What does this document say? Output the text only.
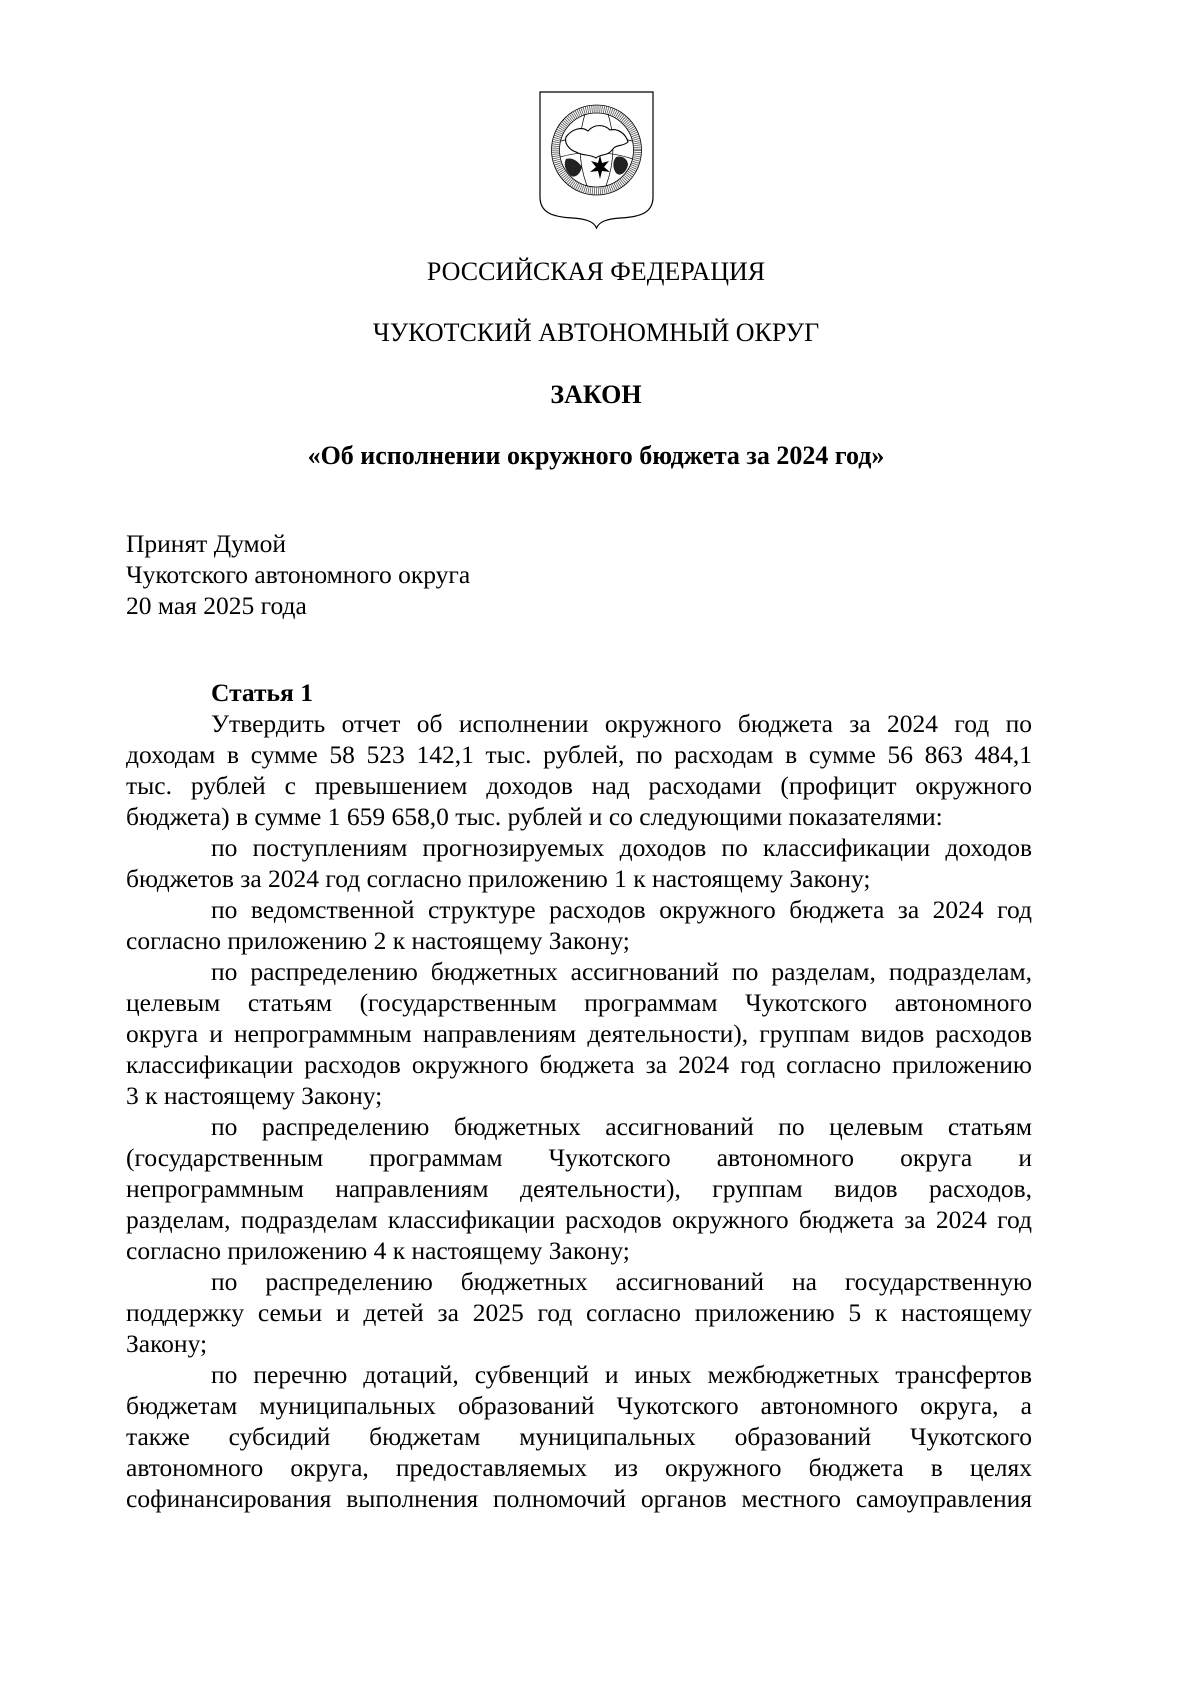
РОССИЙСКАЯ ФЕДЕРАЦИЯ
ЧУКОТСКИЙ АВТОНОМНЫЙ ОКРУГ
ЗАКОН
«Об исполнении окружного бюджета за 2024 год»
Принят Думой
Чукотского автономного округа
20 мая 2025 года
Статья 1
Утвердить отчет об исполнении окружного бюджета за 2024 год по
доходам в сумме 58 523 142,1 тыс. рублей, по расходам в сумме 56 863 484,1
тыс. рублей с превышением доходов над расходами (профицит окружного
бюджета) в сумме 1 659 658,0 тыс. рублей и со следующими показателями:
по поступлениям прогнозируемых доходов по классификации доходов
бюджетов за 2024 год согласно приложению 1 к настоящему Закону;
по ведомственной структуре расходов окружного бюджета за 2024 год
согласно приложению 2 к настоящему Закону;
по распределению бюджетных ассигнований по разделам, подразделам,
целевым статьям (государственным программам Чукотского автономного
округа и непрограммным направлениям деятельности), группам видов расходов
классификации расходов окружного бюджета за 2024 год согласно приложению
3 к настоящему Закону;
по распределению бюджетных ассигнований по целевым статьям
(государственным программам Чукотского автономного округа и
непрограммным направлениям деятельности), группам видов расходов,
разделам, подразделам классификации расходов окружного бюджета за 2024 год
согласно приложению 4 к настоящему Закону;
по распределению бюджетных ассигнований на государственную
поддержку семьи и детей за 2025 год согласно приложению 5 к настоящему
Закону;
по перечню дотаций, субвенций и иных межбюджетных трансфертов
бюджетам муниципальных образований Чукотского автономного округа, а
также субсидий бюджетам муниципальных образований Чукотского
автономного округа, предоставляемых из окружного бюджета в целях
софинансирования выполнения полномочий органов местного самоуправления
